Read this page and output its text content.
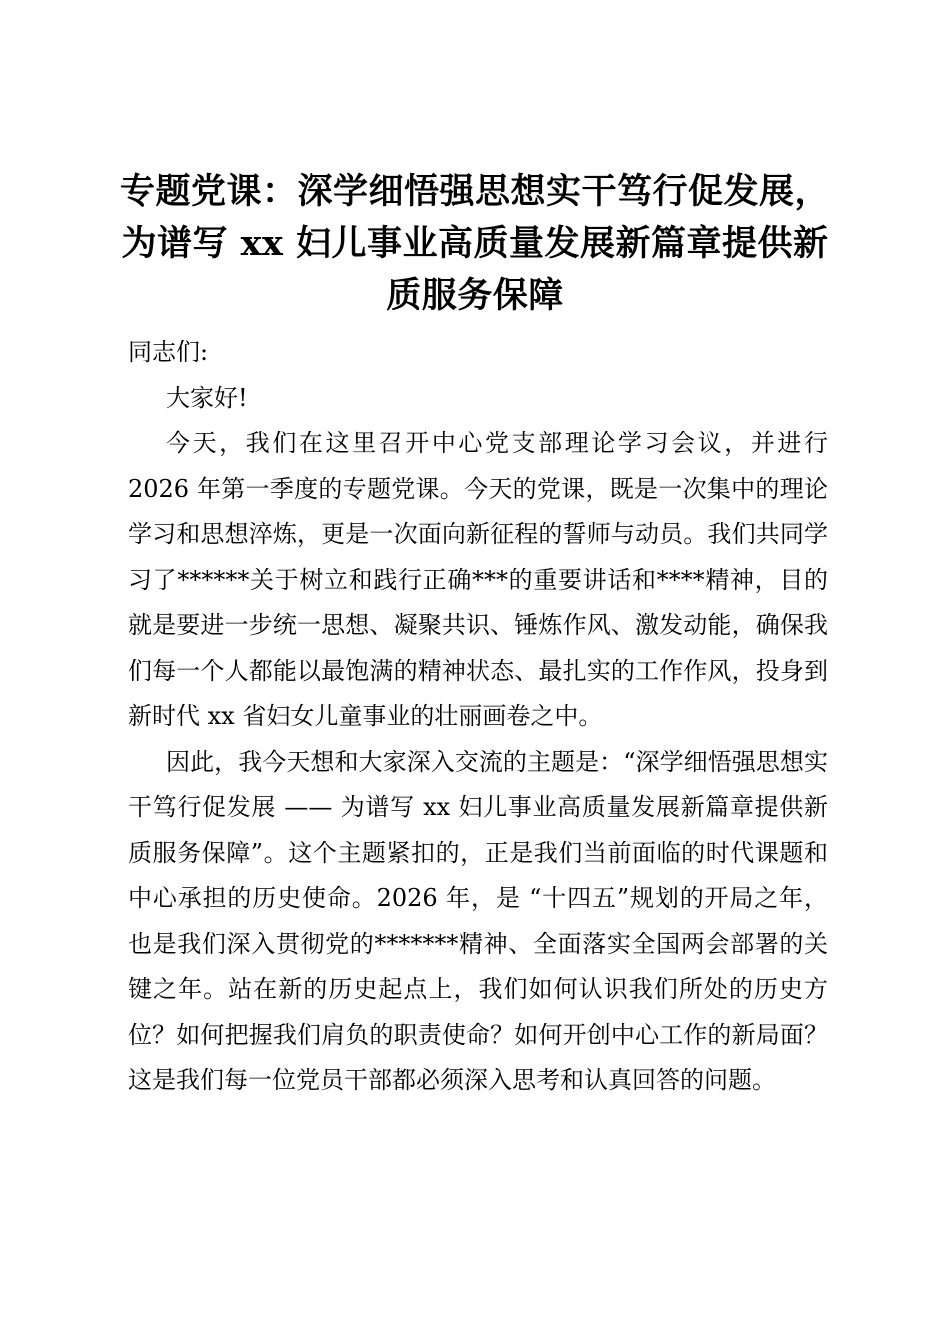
专题党课：深学细悟强思想实干笃行促发展，为谱写 xx 妇儿事业高质量发展新篇章提供新质服务保障

同志们:

大家好!

今天，我们在这里召开中心党支部理论学习会议，并进行 2026 年第一季度的专题党课。今天的党课，既是一次集中的理论学习和思想淬炼，更是一次面向新征程的誓师与动员。我们共同学习了******关于树立和践行正确***的重要讲话和****精神，目的就是要进一步统一思想、凝聚共识、锤炼作风、激发动能，确保我们每一个人都能以最饱满的精神状态、最扎实的工作作风，投身到新时代 xx 省妇女儿童事业的壮丽画卷之中。

因此，我今天想和大家深入交流的主题是：“深学细悟强思想实干笃行促发展 —— 为谱写 xx 妇儿事业高质量发展新篇章提供新质服务保障”。这个主题紧扣的，正是我们当前面临的时代课题和中心承担的历史使命。2026 年，是 “十四五”规划的开局之年，也是我们深入贯彻党的*******精神、全面落实全国两会部署的关键之年。站在新的历史起点上，我们如何认识我们所处的历史方位？如何把握我们肩负的职责使命？如何开创中心工作的新局面？这是我们每一位党员干部都必须深入思考和认真回答的问题。
